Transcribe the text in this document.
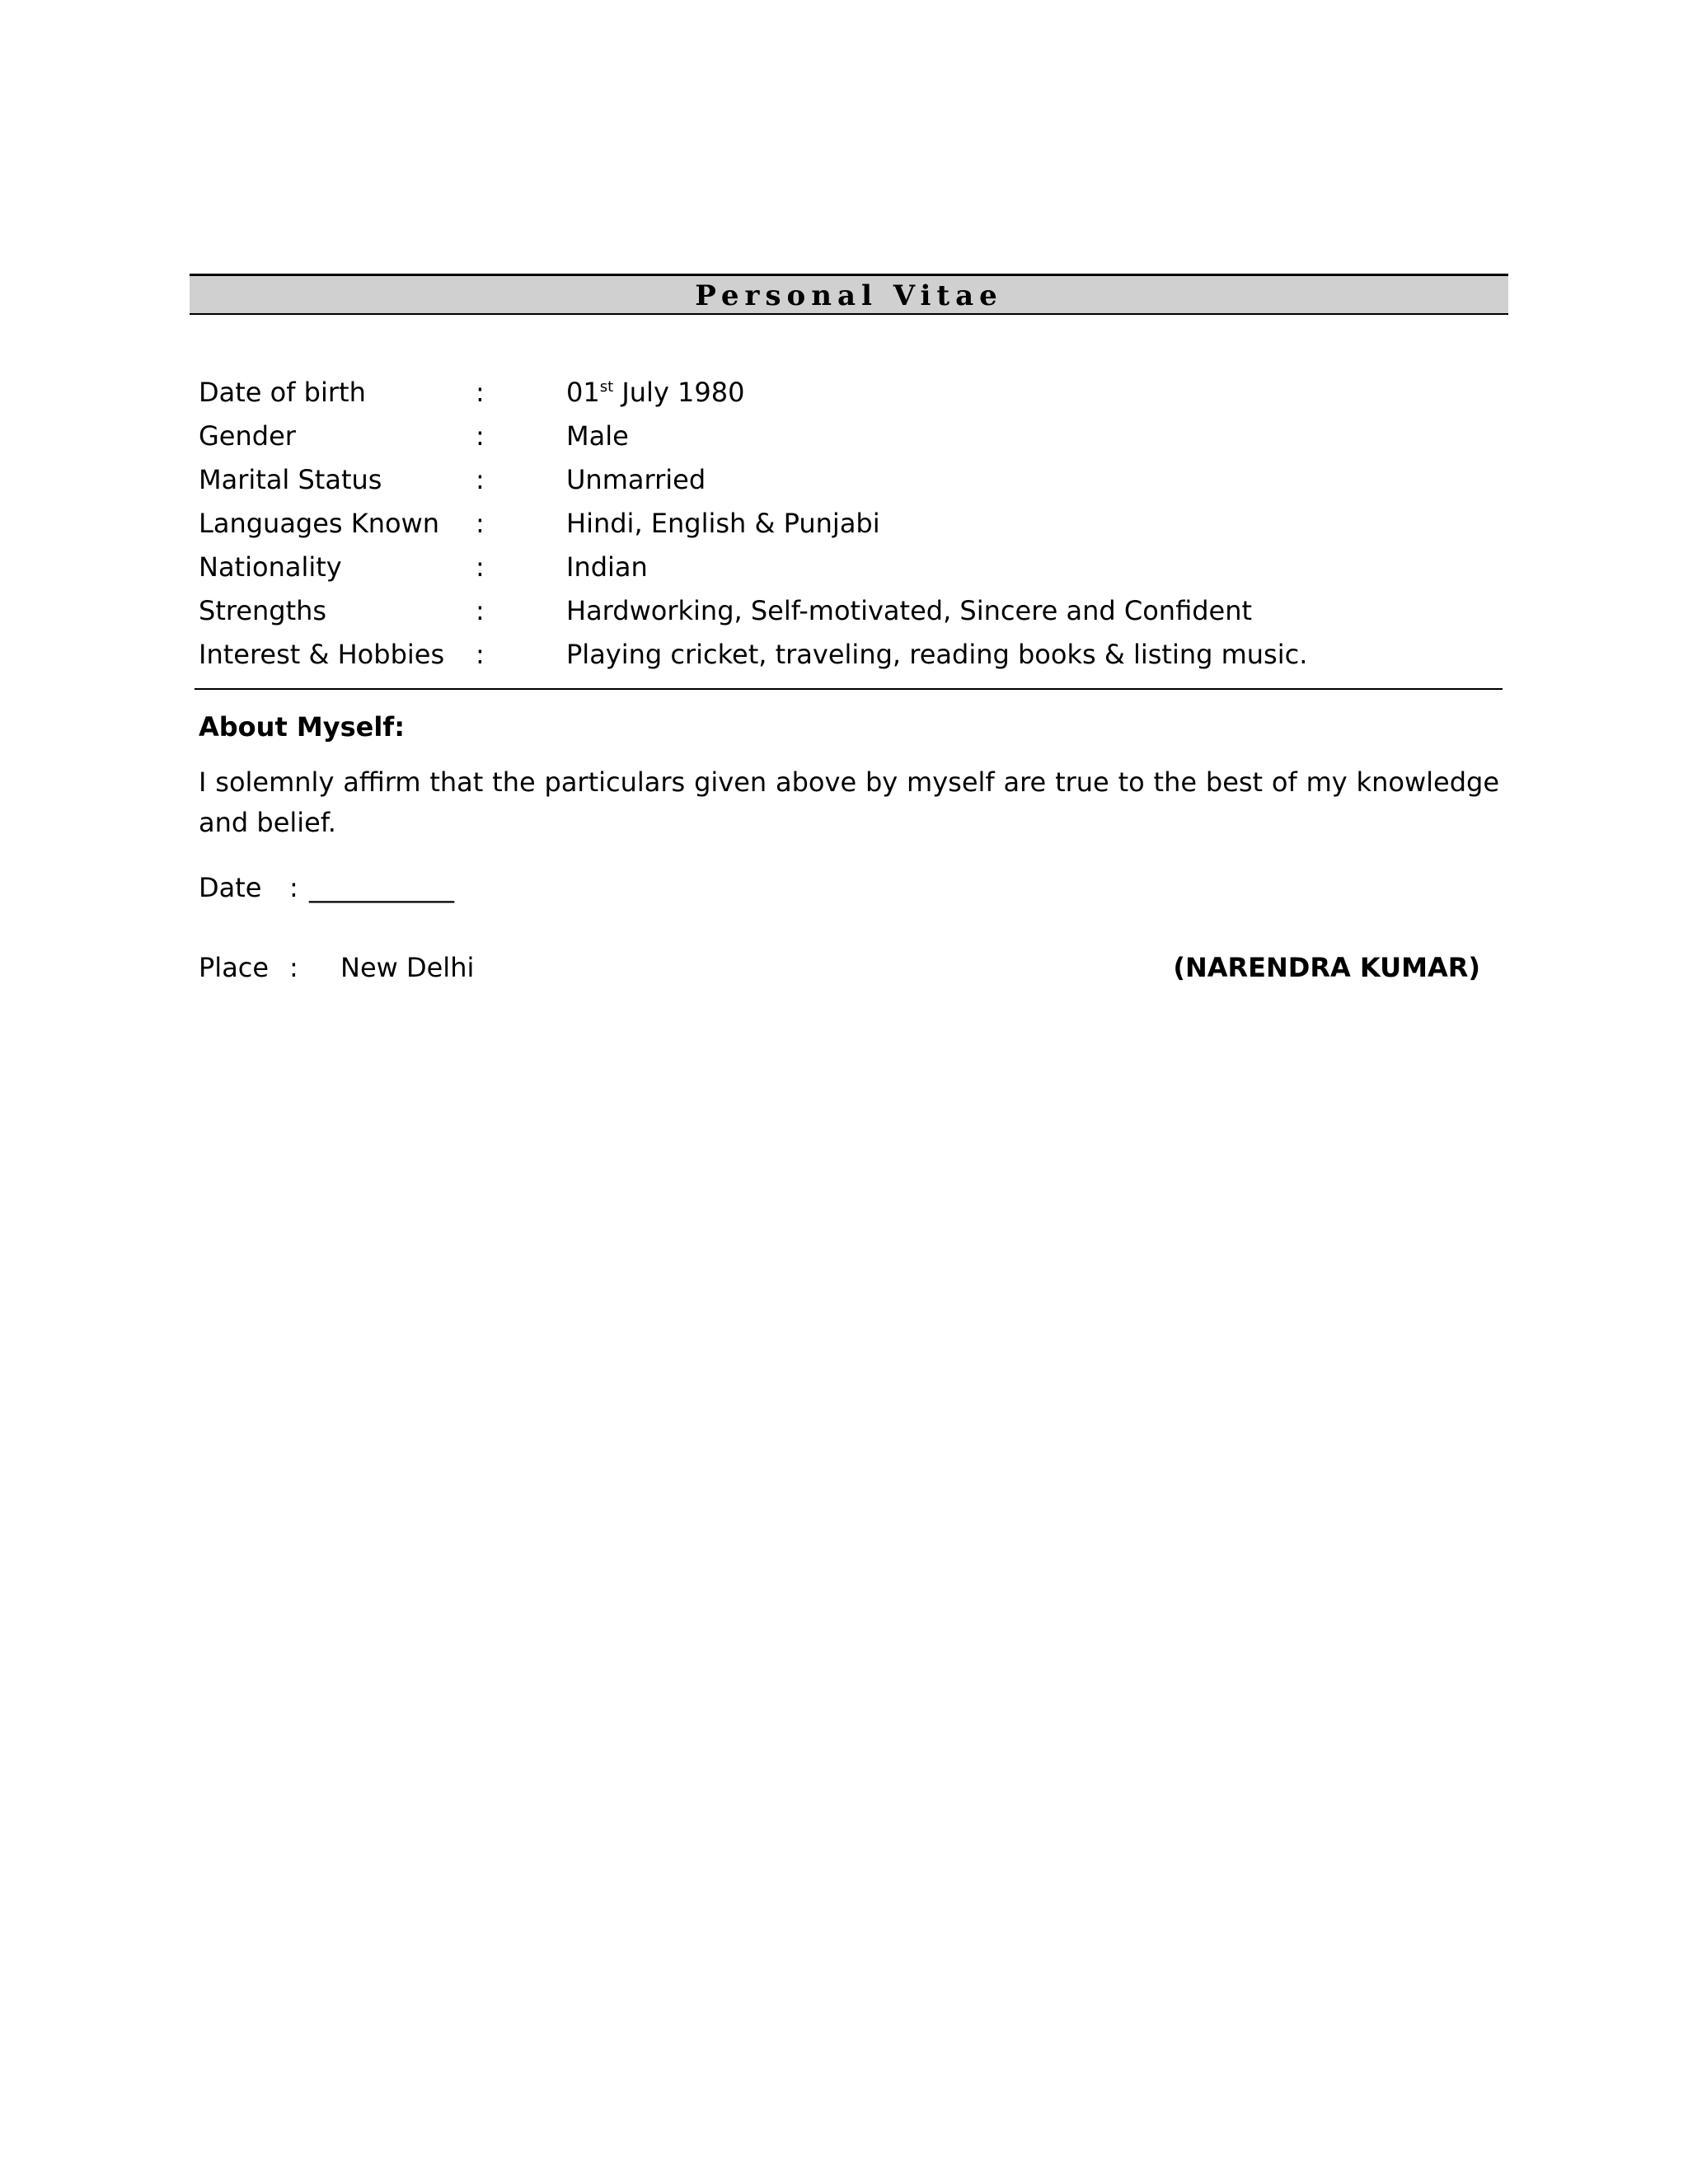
Personal Vitae
Date of birth	:	01st July 1980
Gender	:	Male
Marital Status	:	Unmarried
Languages Known	:	Hindi, English & Punjabi
Nationality	:	Indian
Strengths	:	Hardworking, Self-motivated, Sincere and Confident
Interest & Hobbies	:	Playing cricket, traveling, reading books & listing music.
About Myself:
I solemnly affirm that the particulars given above by myself are true to the best of my knowledge and belief.
Date	: ___________
Place :	New Delhi	(NARENDRA KUMAR)
